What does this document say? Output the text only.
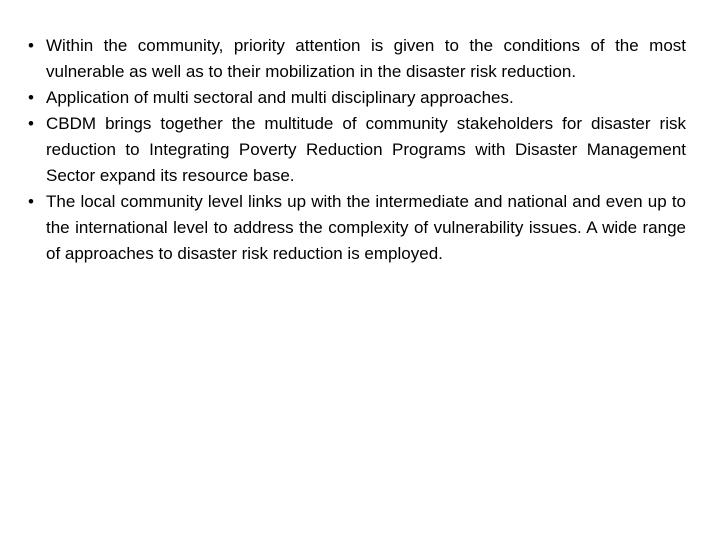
• Within the community, priority attention is given to the conditions of the most vulnerable as well as to their mobilization in the disaster risk reduction.
• Application of multi sectoral and multi disciplinary approaches.
• CBDM brings together the multitude of community stakeholders for disaster risk reduction to Integrating Poverty Reduction Programs with Disaster Management Sector expand its resource base.
• The local community level links up with the intermediate and national and even up to the international level to address the complexity of vulnerability issues. A wide range of approaches to disaster risk reduction is employed.
